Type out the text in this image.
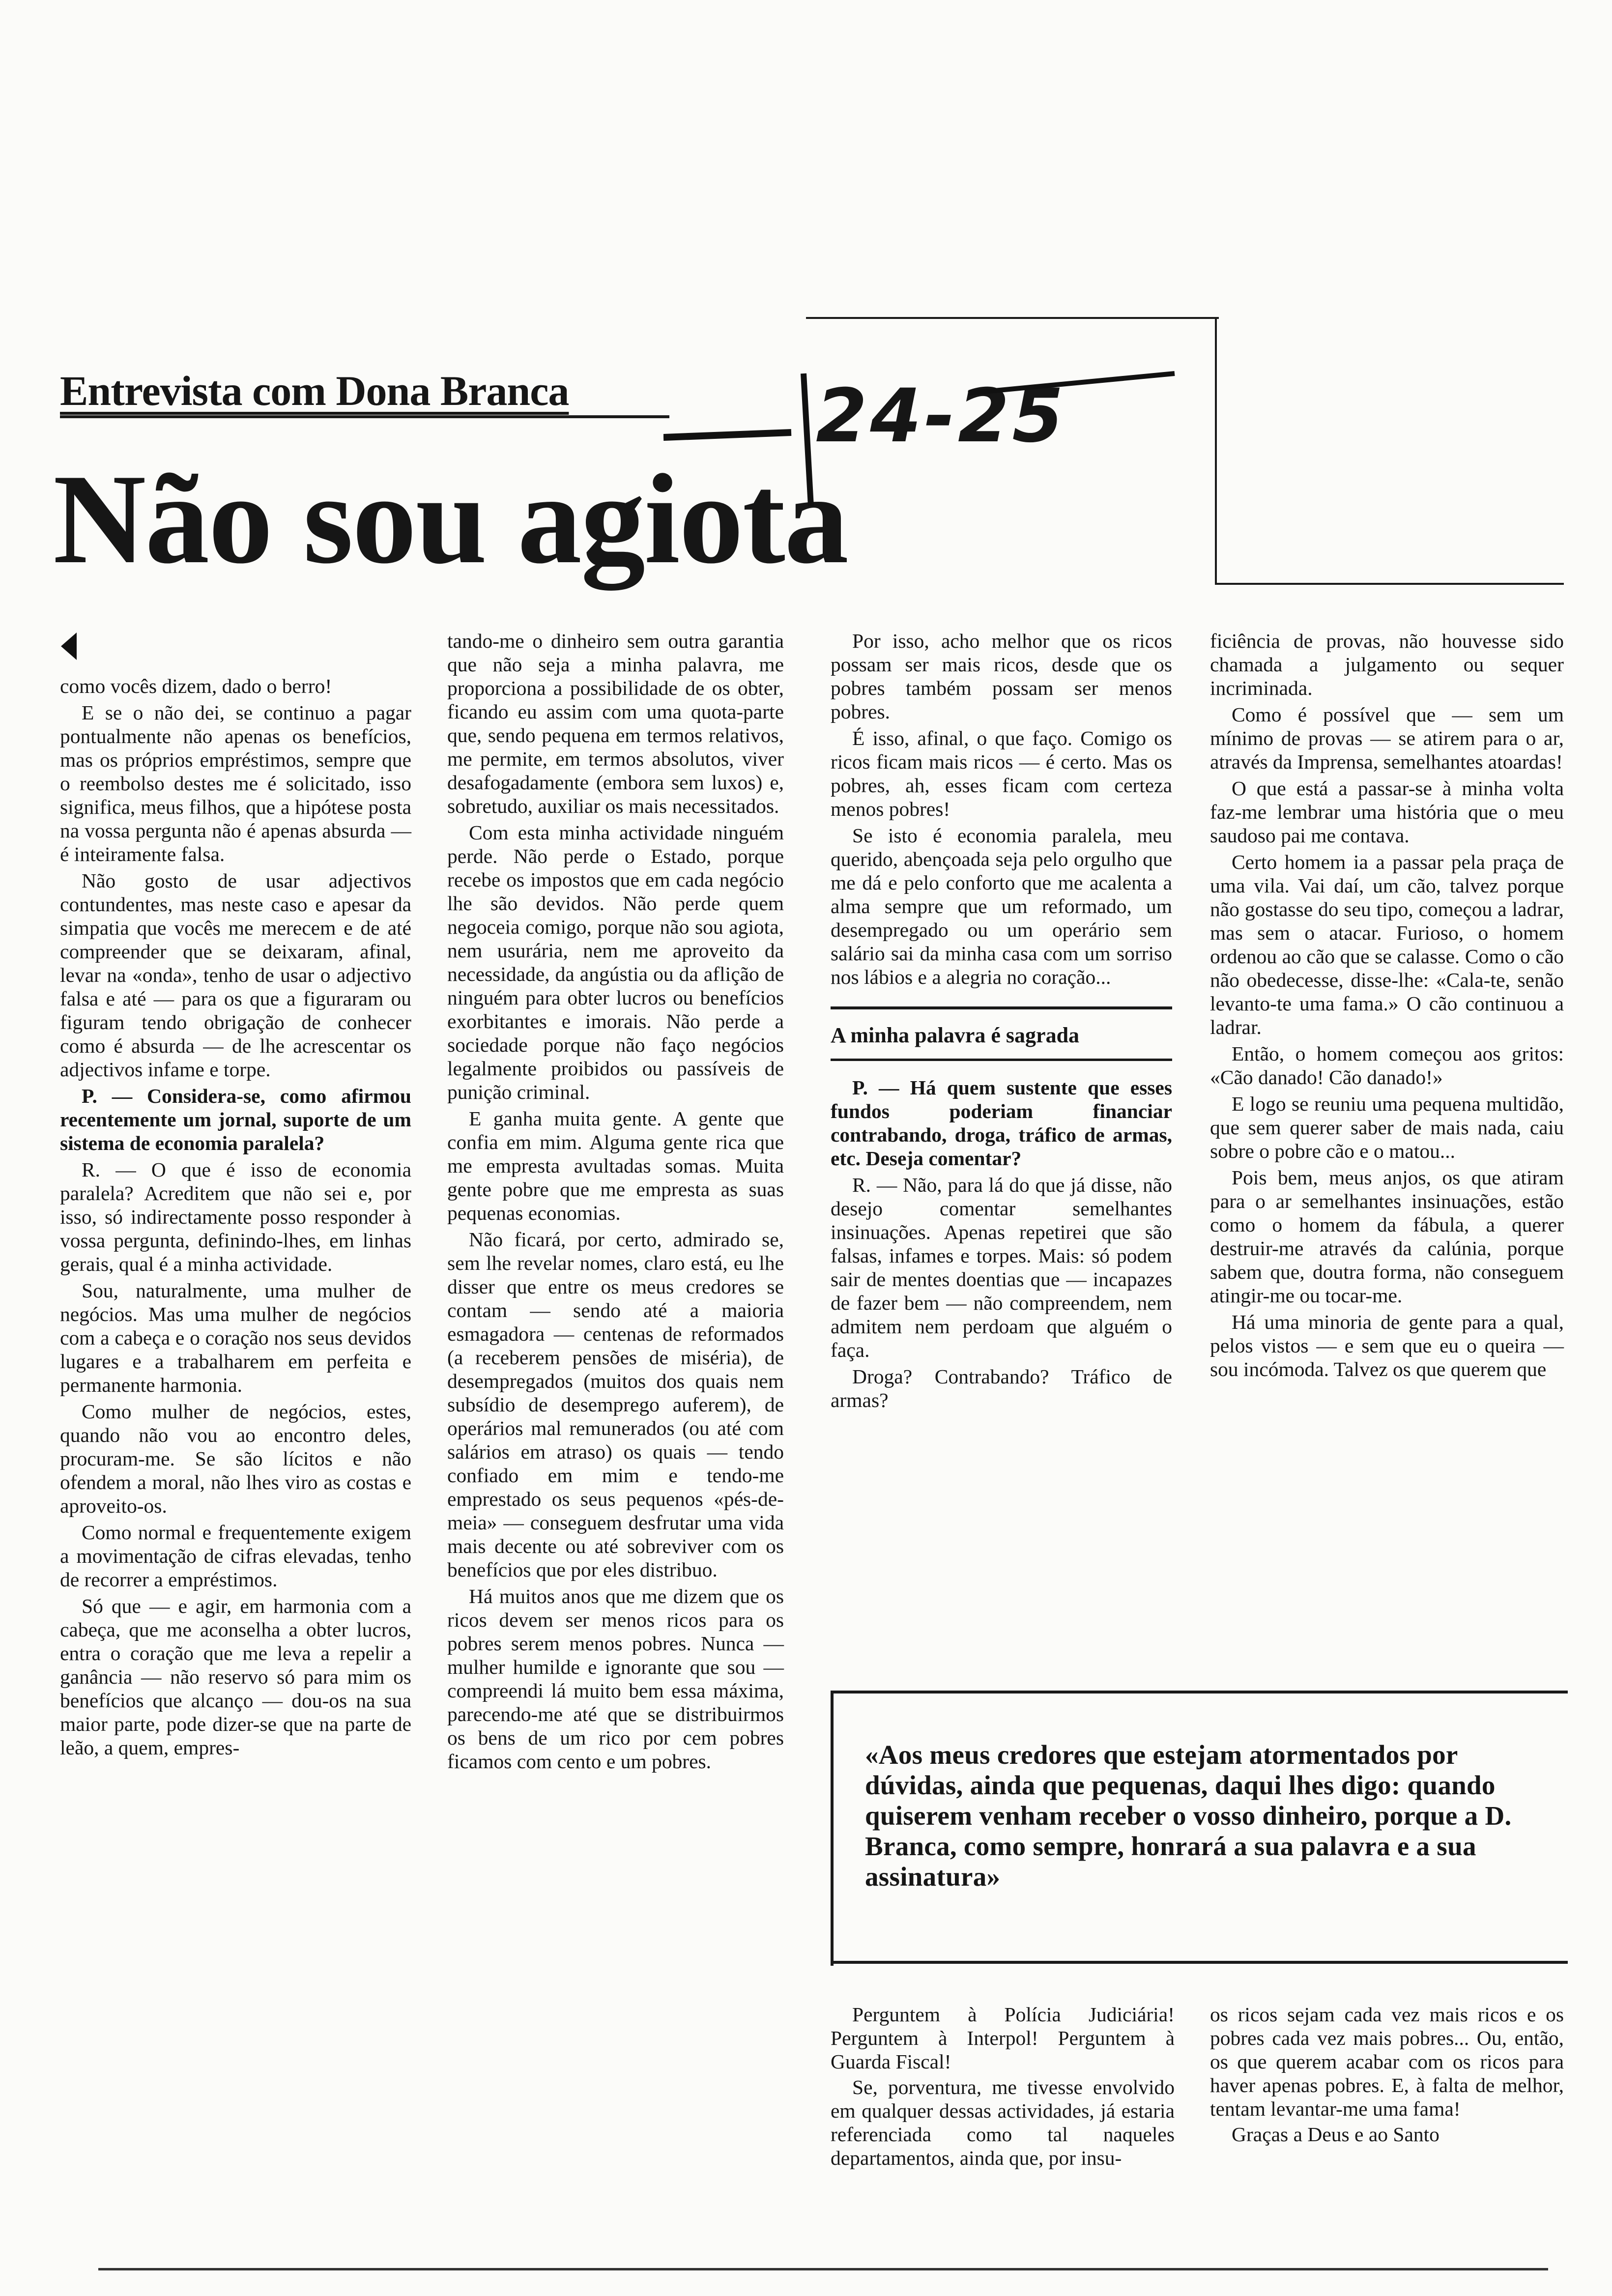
Entrevista com Dona Branca
Não sou agiota
24-25

como vocês dizem, dado o berro!

E se o não dei, se continuo a pagar pontualmente não apenas os benefícios, mas os próprios empréstimos, sempre que o reembolso destes me é solicitado, isso significa, meus filhos, que a hipótese posta na vossa pergunta não é apenas absurda — é inteiramente falsa.

Não gosto de usar adjectivos contundentes, mas neste caso e apesar da simpatia que vocês me merecem e de até compreender que se deixaram, afinal, levar na «onda», tenho de usar o adjectivo falsa e até — para os que a figuraram ou figuram tendo obrigação de conhecer como é absurda — de lhe acrescentar os adjectivos infame e torpe.

P. — Considera-se, como afirmou recentemente um jornal, suporte de um sistema de economia paralela?

R. — O que é isso de economia paralela? Acreditem que não sei e, por isso, só indirectamente posso responder à vossa pergunta, definindo-lhes, em linhas gerais, qual é a minha actividade.

Sou, naturalmente, uma mulher de negócios. Mas uma mulher de negócios com a cabeça e o coração nos seus devidos lugares e a trabalharem em perfeita e permanente harmonia.

Como mulher de negócios, estes, quando não vou ao encontro deles, procuram-me. Se são lícitos e não ofendem a moral, não lhes viro as costas e aproveito-os.

Como normal e frequentemente exigem a movimentação de cifras elevadas, tenho de recorrer a empréstimos.

Só que — e agir, em harmonia com a cabeça, que me aconselha a obter lucros, entra o coração que me leva a repelir a ganância — não reservo só para mim os benefícios que alcanço — dou-os na sua maior parte, pode dizer-se que na parte de leão, a quem, empres-

tando-me o dinheiro sem outra garantia que não seja a minha palavra, me proporciona a possibilidade de os obter, ficando eu assim com uma quota-parte que, sendo pequena em termos relativos, me permite, em termos absolutos, viver desafogadamente (embora sem luxos) e, sobretudo, auxiliar os mais necessitados.

Com esta minha actividade ninguém perde. Não perde o Estado, porque recebe os impostos que em cada negócio lhe são devidos. Não perde quem negoceia comigo, porque não sou agiota, nem usurária, nem me aproveito da necessidade, da angústia ou da aflição de ninguém para obter lucros ou benefícios exorbitantes e imorais. Não perde a sociedade porque não faço negócios legalmente proibidos ou passíveis de punição criminal.

E ganha muita gente. A gente que confia em mim. Alguma gente rica que me empresta avultadas somas. Muita gente pobre que me empresta as suas pequenas economias.

Não ficará, por certo, admirado se, sem lhe revelar nomes, claro está, eu lhe disser que entre os meus credores se contam — sendo até a maioria esmagadora — centenas de reformados (a receberem pensões de miséria), de desempregados (muitos dos quais nem subsídio de desemprego auferem), de operários mal remunerados (ou até com salários em atraso) os quais — tendo confiado em mim e tendo-me emprestado os seus pequenos «pés-de-meia» — conseguem desfrutar uma vida mais decente ou até sobreviver com os benefícios que por eles distribuo.

Há muitos anos que me dizem que os ricos devem ser menos ricos para os pobres serem menos pobres. Nunca — mulher humilde e ignorante que sou — compreendi lá muito bem essa máxima, parecendo-me até que se distribuirmos os bens de um rico por cem pobres ficamos com cento e um pobres.

Por isso, acho melhor que os ricos possam ser mais ricos, desde que os pobres também possam ser menos pobres.

É isso, afinal, o que faço. Comigo os ricos ficam mais ricos — é certo. Mas os pobres, ah, esses ficam com certeza menos pobres!

Se isto é economia paralela, meu querido, abençoada seja pelo orgulho que me dá e pelo conforto que me acalenta a alma sempre que um reformado, um desempregado ou um operário sem salário sai da minha casa com um sorriso nos lábios e a alegria no coração...

A minha palavra é sagrada

P. — Há quem sustente que esses fundos poderiam financiar contrabando, droga, tráfico de armas, etc. Deseja comentar?

R. — Não, para lá do que já disse, não desejo comentar semelhantes insinuações. Apenas repetirei que são falsas, infames e torpes. Mais: só podem sair de mentes doentias que — incapazes de fazer bem — não compreendem, nem admitem nem perdoam que alguém o faça.

Droga? Contrabando? Tráfico de armas?

ficiência de provas, não houvesse sido chamada a julgamento ou sequer incriminada.

Como é possível que — sem um mínimo de provas — se atirem para o ar, através da Imprensa, semelhantes atoardas!

O que está a passar-se à minha volta faz-me lembrar uma história que o meu saudoso pai me contava.

Certo homem ia a passar pela praça de uma vila. Vai daí, um cão, talvez porque não gostasse do seu tipo, começou a ladrar, mas sem o atacar. Furioso, o homem ordenou ao cão que se calasse. Como o cão não obedecesse, disse-lhe: «Cala-te, senão levanto-te uma fama.» O cão continuou a ladrar.

Então, o homem começou aos gritos: «Cão danado! Cão danado!»

E logo se reuniu uma pequena multidão, que sem querer saber de mais nada, caiu sobre o pobre cão e o matou...

Pois bem, meus anjos, os que atiram para o ar semelhantes insinuações, estão como o homem da fábula, a querer destruir-me através da calúnia, porque sabem que, doutra forma, não conseguem atingir-me ou tocar-me.

Há uma minoria de gente para a qual, pelos vistos — e sem que eu o queira — sou incómoda. Talvez os que querem que

«Aos meus credores que estejam atormentados por dúvidas, ainda que pequenas, daqui lhes digo: quando quiserem venham receber o vosso dinheiro, porque a D. Branca, como sempre, honrará a sua palavra e a sua assinatura»

Perguntem à Polícia Judiciária! Perguntem à Interpol! Perguntem à Guarda Fiscal!

Se, porventura, me tivesse envolvido em qualquer dessas actividades, já estaria referenciada como tal naqueles departamentos, ainda que, por insu-

os ricos sejam cada vez mais ricos e os pobres cada vez mais pobres... Ou, então, os que querem acabar com os ricos para haver apenas pobres. E, à falta de melhor, tentam levantar-me uma fama!

Graças a Deus e ao Santo
